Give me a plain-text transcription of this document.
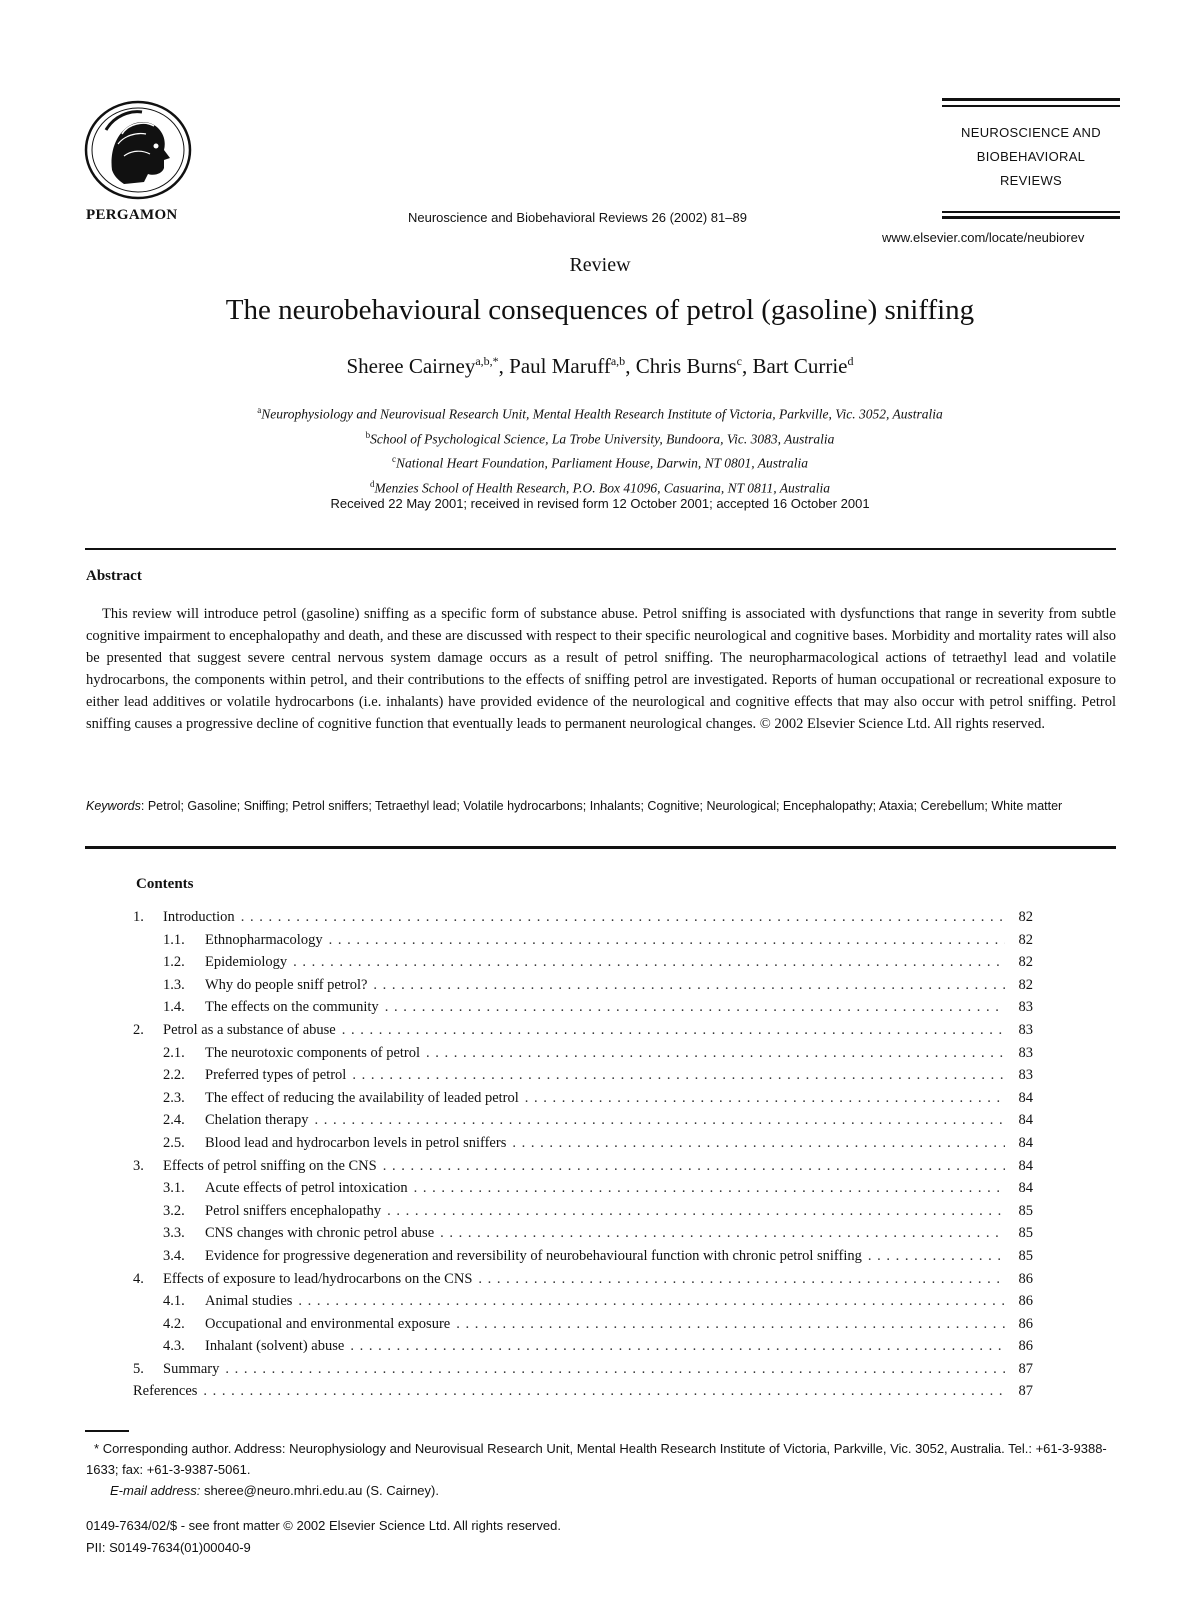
PERGAMON
NEUROSCIENCE AND
BIOBEHAVIORAL
REVIEWS
Neuroscience and Biobehavioral Reviews 26 (2002) 81–89
www.elsevier.com/locate/neubiorev
Review
The neurobehavioural consequences of petrol (gasoline) sniffing
Sheree Cairney$^{a,b,*}$, Paul Maruff$^{a,b}$, Chris Burns$^c$, Bart Currie$^d$
$^a$Neurophysiology and Neurovisual Research Unit, Mental Health Research Institute of Victoria, Parkville, Vic. 3052, Australia
$^b$School of Psychological Science, La Trobe University, Bundoora, Vic. 3083, Australia
$^c$National Heart Foundation, Parliament House, Darwin, NT 0801, Australia
$^d$Menzies School of Health Research, P.O. Box 41096, Casuarina, NT 0811, Australia
Received 22 May 2001; received in revised form 12 October 2001; accepted 16 October 2001
Abstract
This review will introduce petrol (gasoline) sniffing as a specific form of substance abuse. Petrol sniffing is associated with dysfunctions that range in severity from subtle cognitive impairment to encephalopathy and death, and these are discussed with respect to their specific neurological and cognitive bases. Morbidity and mortality rates will also be presented that suggest severe central nervous system damage occurs as a result of petrol sniffing. The neuropharmacological actions of tetraethyl lead and volatile hydrocarbons, the components within petrol, and their contributions to the effects of sniffing petrol are investigated. Reports of human occupational or recreational exposure to either lead additives or volatile hydrocarbons (i.e. inhalants) have provided evidence of the neurological and cognitive effects that may also occur with petrol sniffing. Petrol sniffing causes a progressive decline of cognitive function that eventually leads to permanent neurological changes. © 2002 Elsevier Science Ltd. All rights reserved.
Keywords: Petrol; Gasoline; Sniffing; Petrol sniffers; Tetraethyl lead; Volatile hydrocarbons; Inhalants; Cognitive; Neurological; Encephalopathy; Ataxia; Cerebellum; White matter
Contents
1.	Introduction . . .	82
1.1.	Ethnopharmacology . . .	82
1.2.	Epidemiology . . .	82
1.3.	Why do people sniff petrol? . . .	82
1.4.	The effects on the community . . .	83
2.	Petrol as a substance of abuse . . .	83
2.1.	The neurotoxic components of petrol . . .	83
2.2.	Preferred types of petrol . . .	83
2.3.	The effect of reducing the availability of leaded petrol . . .	84
2.4.	Chelation therapy . . .	84
2.5.	Blood lead and hydrocarbon levels in petrol sniffers . . .	84
3.	Effects of petrol sniffing on the CNS . . .	84
3.1.	Acute effects of petrol intoxication . . .	84
3.2.	Petrol sniffers encephalopathy . . .	85
3.3.	CNS changes with chronic petrol abuse . . .	85
3.4.	Evidence for progressive degeneration and reversibility of neurobehavioural function with chronic petrol sniffing . . .	85
4.	Effects of exposure to lead/hydrocarbons on the CNS . . .	86
4.1.	Animal studies . . .	86
4.2.	Occupational and environmental exposure . . .	86
4.3.	Inhalant (solvent) abuse . . .	86
5.	Summary . . .	87
References . . .	87
* Corresponding author. Address: Neurophysiology and Neurovisual Research Unit, Mental Health Research Institute of Victoria, Parkville, Vic. 3052, Australia. Tel.: +61-3-9388-1633; fax: +61-3-9387-5061.
E-mail address: sheree@neuro.mhri.edu.au (S. Cairney).
0149-7634/02/$ - see front matter © 2002 Elsevier Science Ltd. All rights reserved.
PII: S0149-7634(01)00040-9
